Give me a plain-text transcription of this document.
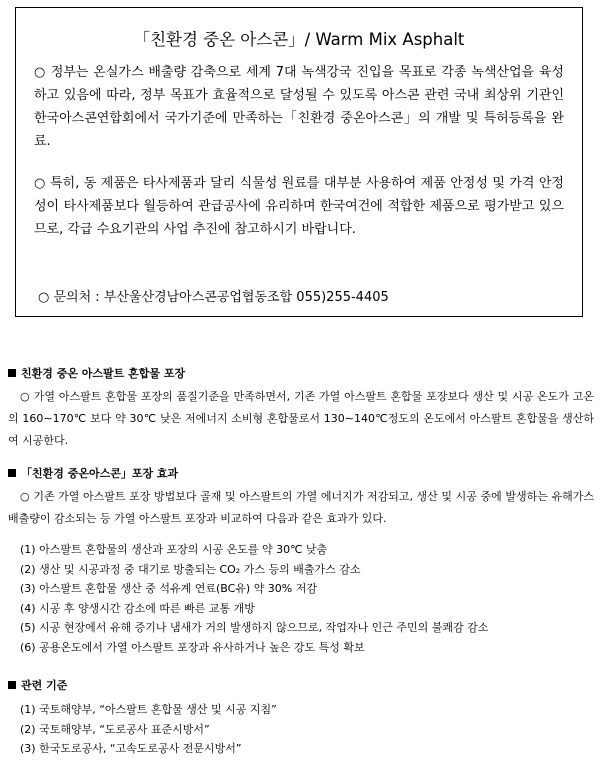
「친환경 중온 아스콘」/ Warm Mix Asphalt

○ 정부는 온실가스 배출량 감축으로 세계 7대 녹색강국 진입을 목표로 각종 녹색산업을 육성하고 있음에 따라, 정부 목표가 효율적으로 달성될 수 있도록 아스콘 관련 국내 최상위 기관인 한국아스콘연합회에서 국가기준에 만족하는「친환경 중온아스콘」의 개발 및 특허등록을 완료.

○ 특히, 동 제품은 타사제품과 달리 식물성 원료를 대부분 사용하여 제품 안정성 및 가격 안정성이 타사제품보다 월등하여 관급공사에 유리하며 한국여건에 적합한 제품으로 평가받고 있으므로, 각급 수요기관의 사업 추진에 참고하시기 바랍니다.

○ 문의처 : 부산울산경남아스콘공업협동조합 055)255-4405
친환경 중온 아스팔트 혼합물 포장

○ 가열 아스팔트 혼합물 포장의 품질기준을 만족하면서, 기존 가열 아스팔트 혼합물 포장보다 생산 및 시공 온도가 고온의 160∼170℃ 보다 약 30℃ 낮은 저에너지 소비형 혼합물로서 130∼140℃정도의 온도에서 아스팔트 혼합물을 생산하여 시공한다.

「친환경 중온아스콘」포장 효과

○ 기존 가열 아스팔트 포장 방법보다 골재 및 아스팔트의 가열 에너지가 저감되고, 생산 및 시공 중에 발생하는 유해가스 배출량이 감소되는 등 가열 아스팔트 포장과 비교하여 다음과 같은 효과가 있다.

(1) 아스팔트 혼합물의 생산과 포장의 시공 온도를 약 30℃ 낮춤
(2) 생산 및 시공과정 중 대기로 방출되는 CO₂ 가스 등의 배출가스 감소
(3) 아스팔트 혼합물 생산 중 석유계 연료(BC유) 약 30% 저감
(4) 시공 후 양생시간 감소에 따른 빠른 교통 개방
(5) 시공 현장에서 유해 증기나 냄새가 거의 발생하지 않으므로, 작업자나 인근 주민의 불쾌감 감소
(6) 공용온도에서 가열 아스팔트 포장과 유사하거나 높은 강도 특성 확보
관련 기준
(1) 국토해양부, “아스팔트 혼합물 생산 및 시공 지침”
(2) 국토해양부, “도로공사 표준시방서”
(3) 한국도로공사, “고속도로공사 전문시방서”
